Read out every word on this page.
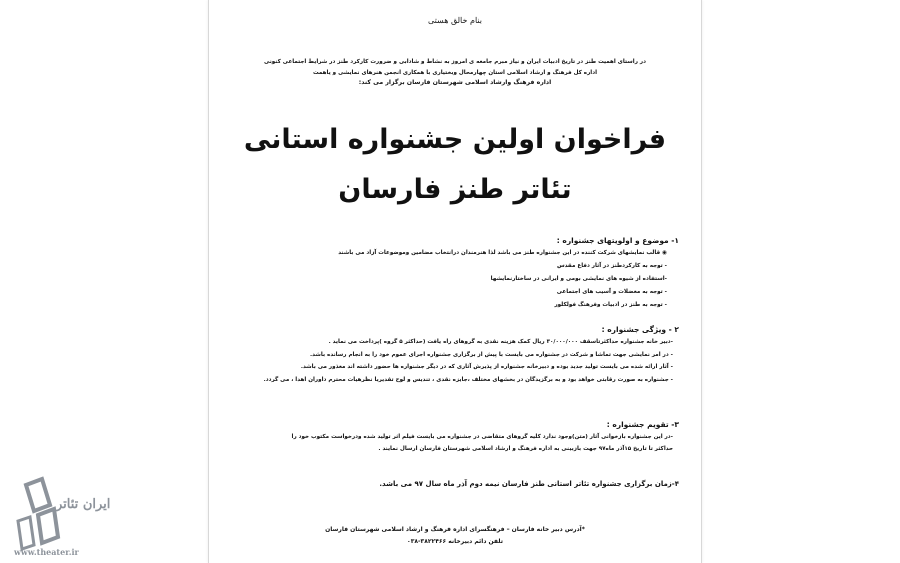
بنام خالق هستی
در راستای اهمیت طنز در تاریخ ادبیات ایران و نیاز مبرم جامعه ی امروز به نشاط و شادابی و ضرورت کارکرد طنز در شرایط اجتماعی کنونی
اداره کل فرهنگ و ارشاد اسلامی استان چهارمحال وبختیاری با همکاری انجمن هنرهای نمایشی و یاهمت
اداره فرهنگ وارشاد اسلامی شهرستان فارسان برگزار می کند:
فراخوان اولین جشنواره استانی
تئاتر طنز فارسان
۱- موضوع و اولویتهای جشنواره :
◉ قالب نمایشهای شرکت کننده در این جشنواره طنز می باشد لذا هنرمندان درانتخاب مضامین وموضوعات آزاد می باشند
- توجه به کارکردطنز در آثار دفاع مقدس
-استفاده از شیوه های نمایشی بومی و ایرانی در ساختارنمایشها
- توجه به معضلات و آسیب های اجتماعی
- توجه به طنز در ادبیات وفرهنگ فولکلور
۲ - ویژگی جشنواره :
-دبیر خانه جشنواره حداکثرتاسقف ۳۰/۰۰۰/۰۰۰ ریال کمک هزینه نقدی به گروهای راه یافت (حداکثر ۵ گروه )پرداخت می نماید .
- در امر نمایشی جهت تماشا و شرکت در جشنواره می بایست با پیش از برگزاری جشنواره اجرای عموم خود را به انجام رسانده باشد.
- آثار ارائه شده می بایست تولید جدید بوده و دبیرخانه جشنواره از پذیرش آثاری که در دیگر جشنواره ها حضور داشته اند معذور می باشد.
- جشنواره به صورت رقابتی خواهد بود و به برگزیدگان در بخشهای مختلف ،جایزه نقدی ، تندیس و لوح تقدیربا نظرهیات محترم داوران اهدا ، می گردد.
۳- تقویم جشنواره :
-در این جشنواره بازخوانی آثار (متن)وجود ندارد کلیه گروهای متقاضی در جشنواره می بایست فیلم اثر تولید شده ودرخواست مکتوب خود را
حداکثر تا تاریخ ۱۵آذر ماه۹۷ جهت بازبینی به اداره فرهنگ و ارشاد اسلامی شهرستان فارسان ارسال نمایند .
۴-زمان برگزاری جشنواره تئاتر استانی طنز فارسان نیمه دوم آذر ماه سال ۹۷ می باشد.
*آدرس دبیر خانه فارسان – فرهنگسرای اداره فرهنگ و ارشاد اسلامی شهرستان فارسان
تلفن دائم دبیرخانه ۳۸۲۲۴۶۶-۰۳۸
ایران تئاتر
www.theater.ir
